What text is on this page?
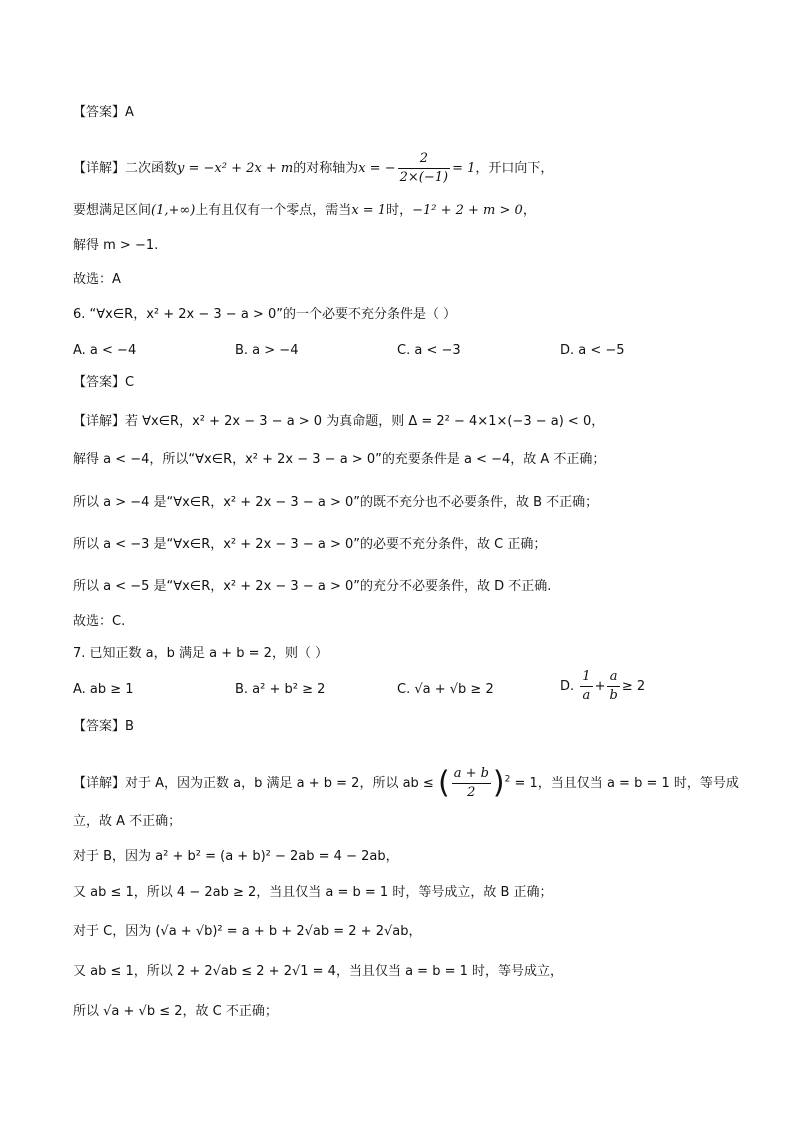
【答案】A
【详解】二次函数y = −x² + 2x + m的对称轴为x = − $\frac{2}{2\times(-1)} = 1$，开口向下，
要想满足区间(1,+∞)上有且仅有一个零点，需当x = 1时，−1² + 2 + m > 0，
解得 m > −1.
故选：A
6. “∀x∈R，x² + 2x − 3 − a > 0”的一个必要不充分条件是（ ）
A. a < −4	B. a > −4	C. a < −3	D. a < −5
【答案】C
【详解】若 ∀x∈R，x² + 2x − 3 − a > 0 为真命题，则 Δ = 2² − 4×1×(−3 − a) < 0，
解得 a < −4，所以“∀x∈R，x² + 2x − 3 − a > 0”的充要条件是 a < −4，故 A 不正确；
所以 a > −4 是“∀x∈R，x² + 2x − 3 − a > 0”的既不充分也不必要条件，故 B 不正确；
所以 a < −3 是“∀x∈R，x² + 2x − 3 − a > 0”的必要不充分条件，故 C 正确；
所以 a < −5 是“∀x∈R，x² + 2x − 3 − a > 0”的充分不必要条件，故 D 不正确.
故选：C.
7. 已知正数 a，b 满足 a + b = 2，则（ ）
A. ab ≥ 1	B. a² + b² ≥ 2	C. √a + √b ≥ 2	D. $\frac{1}{a} + \frac{a}{b} \ge 2$
【答案】B
【详解】对于 A，因为正数 a，b 满足 a + b = 2，所以 ab ≤ ( $\frac{a + b}{2} )^2 = 1$，当且仅当 a = b = 1 时，等号成
立，故 A 不正确；
对于 B，因为 a² + b² = (a + b)² − 2ab = 4 − 2ab，
又 ab ≤ 1，所以 4 − 2ab ≥ 2，当且仅当 a = b = 1 时，等号成立，故 B 正确；
对于 C，因为 (√a + √b)² = a + b + 2√ab = 2 + 2√ab，
又 ab ≤ 1，所以 2 + 2√ab ≤ 2 + 2√1 = 4，当且仅当 a = b = 1 时，等号成立，
所以 √a + √b ≤ 2，故 C 不正确；
